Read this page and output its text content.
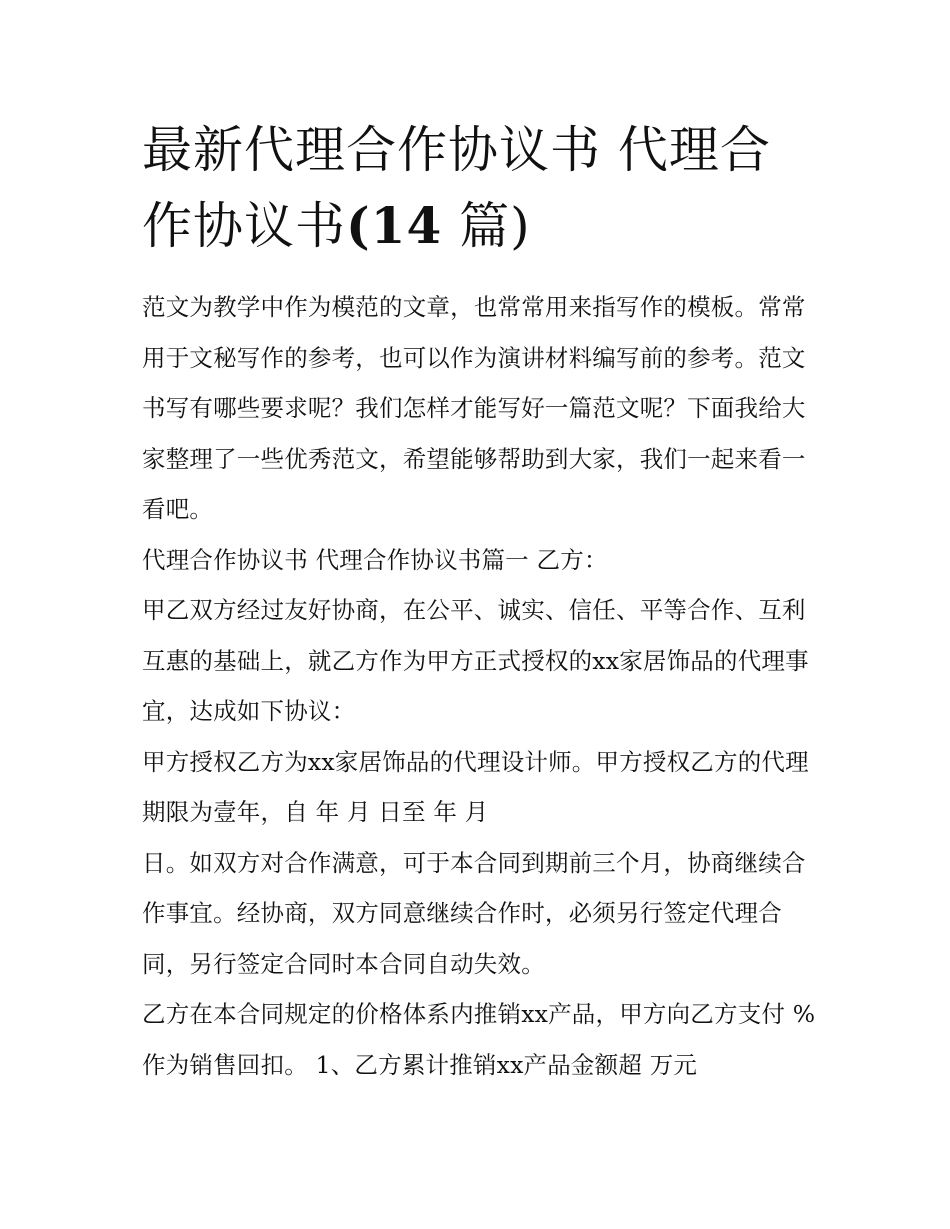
最新代理合作协议书 代理合作协议书(14 篇)

范文为教学中作为模范的文章，也常常用来指写作的模板。常常用于文秘写作的参考，也可以作为演讲材料编写前的参考。范文书写有哪些要求呢？我们怎样才能写好一篇范文呢？下面我给大家整理了一些优秀范文，希望能够帮助到大家，我们一起来看一看吧。

代理合作协议书 代理合作协议书篇一 乙方：

甲乙双方经过友好协商，在公平、诚实、信任、平等合作、互利互惠的基础上，就乙方作为甲方正式授权的xx家居饰品的代理事宜，达成如下协议：

甲方授权乙方为xx家居饰品的代理设计师。甲方授权乙方的代理期限为壹年，自 年 月 日至 年 月

日。如双方对合作满意，可于本合同到期前三个月，协商继续合作事宜。经协商，双方同意继续合作时，必须另行签定代理合同，另行签定合同时本合同自动失效。

乙方在本合同规定的价格体系内推销xx产品，甲方向乙方支付 %作为销售回扣。 1、乙方累计推销xx产品金额超 万元
